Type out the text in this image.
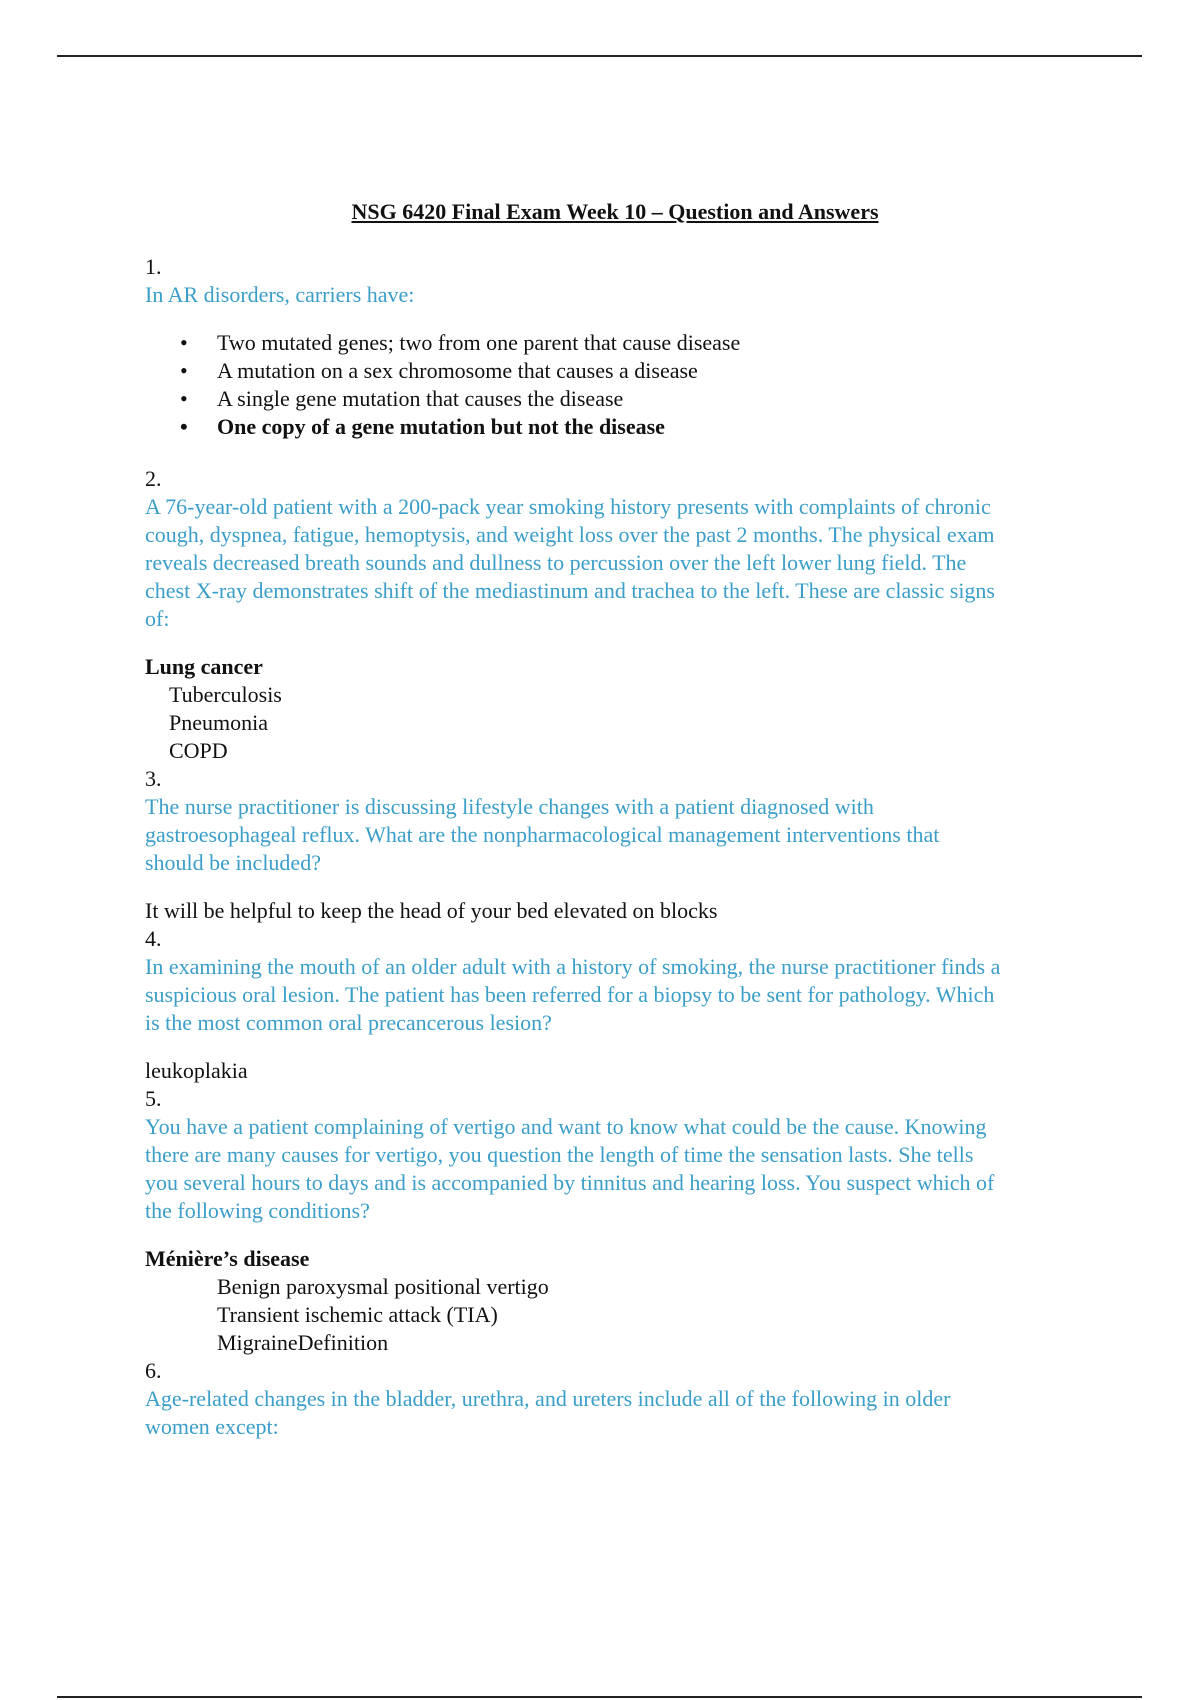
NSG 6420 Final Exam Week 10 – Question and Answers

1.

In AR disorders, carriers have:

• Two mutated genes; two from one parent that cause disease
• A mutation on a sex chromosome that causes a disease
• A single gene mutation that causes the disease
• One copy of a gene mutation but not the disease

2.

A 76-year-old patient with a 200-pack year smoking history presents with complaints of chronic

cough, dyspnea, fatigue, hemoptysis, and weight loss over the past 2 months. The physical exam

reveals decreased breath sounds and dullness to percussion over the left lower lung field. The

chest X-ray demonstrates shift of the mediastinum and trachea to the left. These are classic signs

of:

Lung cancer

Tuberculosis

Pneumonia

COPD

3.

The nurse practitioner is discussing lifestyle changes with a patient diagnosed with

gastroesophageal reflux. What are the nonpharmacological management interventions that

should be included?

It will be helpful to keep the head of your bed elevated on blocks

4.

In examining the mouth of an older adult with a history of smoking, the nurse practitioner finds a

suspicious oral lesion. The patient has been referred for a biopsy to be sent for pathology. Which

is the most common oral precancerous lesion?

leukoplakia

5.

You have a patient complaining of vertigo and want to know what could be the cause. Knowing

there are many causes for vertigo, you question the length of time the sensation lasts. She tells

you several hours to days and is accompanied by tinnitus and hearing loss. You suspect which of

the following conditions?

Ménière’s disease

Benign paroxysmal positional vertigo

Transient ischemic attack (TIA)

MigraineDefinition

6.

Age-related changes in the bladder, urethra, and ureters include all of the following in older

women except:
